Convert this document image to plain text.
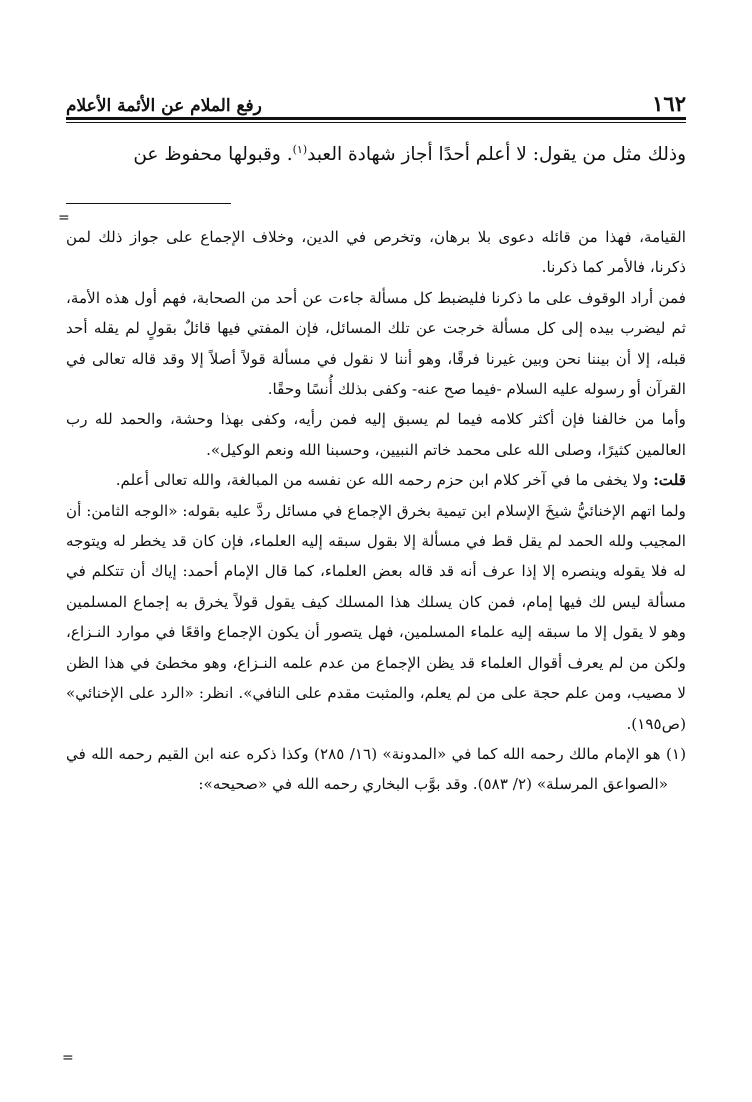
١٦٢
رفع الملام عن الأئمة الأعلام
وذلك مثل من يقول: لا أعلم أحدًا أجاز شهادة العبد$^{(١)}$. وقبولها محفوظ عن
=

القيامة، فهذا من قائله دعوى بلا برهان، وتخرص في الدين، وخلاف الإجماع على جواز ذلك لمن ذكرنا، فالأمر كما ذكرنا.

فمن أراد الوقوف على ما ذكرنا فليضبط كل مسألة جاءت عن أحد من الصحابة، فهم أول هذه الأمة، ثم ليضرب بيده إلى كل مسألة خرجت عن تلك المسائل، فإن المفتي فيها قائلٌ بقولٍ لم يقله أحد قبله، إلا أن بيننا نحن وبين غيرنا فرقًا، وهو أننا لا نقول في مسألة قولاً أصلاً إلا وقد قاله تعالى في القرآن أو رسوله عليه السلام -فيما صح عنه- وكفى بذلك أُنسًا وحقًا.

وأما من خالفنا فإن أكثر كلامه فيما لم يسبق إليه فمن رأيه، وكفى بهذا وحشة، والحمد لله رب العالمين كثيرًا، وصلى الله على محمد خاتم النبيين، وحسبنا الله ونعم الوكيل».

قلت: ولا يخفى ما في آخر كلام ابن حزم رحمه الله عن نفسه من المبالغة، والله تعالى أعلم.

ولما اتهم الإخنائيُّ شيخَ الإسلام ابن تيمية بخرق الإجماع في مسائل ردَّ عليه بقوله: «الوجه الثامن: أن المجيب ولله الحمد لم يقل قط في مسألة إلا بقول سبقه إليه العلماء، فإن كان قد يخطر له ويتوجه له فلا يقوله وينصره إلا إذا عرف أنه قد قاله بعض العلماء، كما قال الإمام أحمد: إياك أن تتكلم في مسألة ليس لك فيها إمام، فمن كان يسلك هذا المسلك كيف يقول قولاً يخرق به إجماع المسلمين وهو لا يقول إلا ما سبقه إليه علماء المسلمين، فهل يتصور أن يكون الإجماع واقعًا في موارد النـزاع، ولكن من لم يعرف أقوال العلماء قد يظن الإجماع من عدم علمه النـزاع، وهو مخطئ في هذا الظن لا مصيب، ومن علم حجة على من لم يعلم، والمثبت مقدم على النافي». انظر: «الرد على الإخنائي» (ص١٩٥).

(١) هو الإمام مالك رحمه الله كما في «المدونة» (١٦/ ٢٨٥) وكذا ذكره عنه ابن القيم رحمه الله في «الصواعق المرسلة» (٢/ ٥٨٣). وقد بوَّب البخاري رحمه الله في «صحيحه»:

=
